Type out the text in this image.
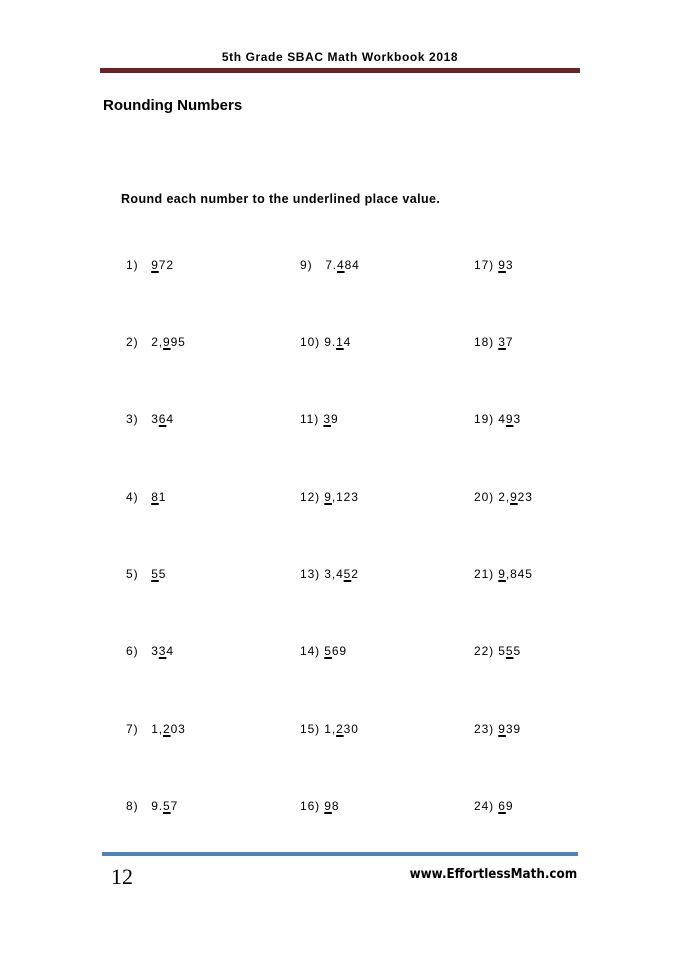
5th Grade SBAC Math Workbook 2018
Rounding Numbers
Round each number to the underlined place value.
1) 972
2) 2,995
3) 364
4) 81
5) 55
6) 334
7) 1,203
8) 9.57
9) 7.484
10) 9.14
11) 39
12) 9,123
13) 3,452
14) 569
15) 1,230
16) 98
17) 93
18) 37
19) 493
20) 2,923
21) 9,845
22) 555
23) 939
24) 69
12	www.EffortlessMath.com
